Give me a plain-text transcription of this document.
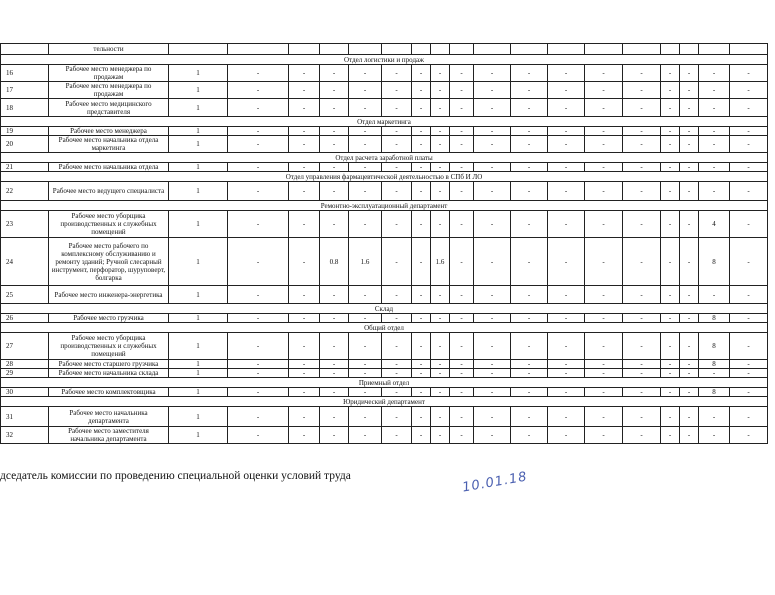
	тельности																		
Отдел логистики и продаж																			
16	Рабочее место менеджера по продажам	1	-	-	-	-	-	-	-	-	-	-	-	-	-	-	-	-	-
17	Рабочее место менеджера по продажам	1	-	-	-	-	-	-	-	-	-	-	-	-	-	-	-	-	-
18	Рабочее место медицинского представителя	1	-	-	-	-	-	-	-	-	-	-	-	-	-	-	-	-	-
Отдел маркетинга																			
19	Рабочее место менеджера	1	-	-	-	-	-	-	-	-	-	-	-	-	-	-	-	-	-
20	Рабочее место начальника отдела маркетинга	1	-	-	-	-	-	-	-	-	-	-	-	-	-	-	-	-	-
Отдел расчета заработной платы																			
21	Рабочее место начальника отдела	1	-	-	-	-	-	-	-	-	-	-	-	-	-	-	-	-	-
Отдел управления фармацевтической деятельностью в СПб И ЛО																			
22	Рабочее место ведущего специалиста	1	-	-	-	-	-	-	-	-	-	-	-	-	-	-	-	-	-
Ремонтно-эксплуатационный департамент																			
23	Рабочее место уборщика производственных и служебных помещений	1	-	-	-	-	-	-	-	-	-	-	-	-	-	-	-	4	-
24	Рабочее место рабочего по комплексному обслуживанию и ремонту зданий; Ручной слесарный инструмент, перфоратор, шуруповерт, болгарка	1	-	-	0.8	1.6	-	-	1.6	-	-	-	-	-	-	-	-	8	-
25	Рабочее место инженера-энергетика	1	-	-	-	-	-	-	-	-	-	-	-	-	-	-	-	-	-
Склад																			
26	Рабочее место грузчика	1	-	-	-	-	-	-	-	-	-	-	-	-	-	-	-	8	-
Общий отдел																			
27	Рабочее место уборщика производственных и служебных помещений	1	-	-	-	-	-	-	-	-	-	-	-	-	-	-	-	8	-
28	Рабочее место старшего грузчика	1	-	-	-	-	-	-	-	-	-	-	-	-	-	-	-	8	-
29	Рабочее место начальника склада	1	-	-	-	-	-	-	-	-	-	-	-	-	-	-	-	-	-
Приемный отдел																			
30	Рабочее место комплектовщика	1	-	-	-	-	-	-	-	-	-	-	-	-	-	-	-	8	-
Юридический департамент																			
31	Рабочее место начальника департамента	1	-	-	-	-	-	-	-	-	-	-	-	-	-	-	-	-	-
32	Рабочее место заместителя начальника департамента	1	-	-	-	-	-	-	-	-	-	-	-	-	-	-	-	-	-
дседатель комиссии по проведению специальной оценки условий труда	10.01.18
